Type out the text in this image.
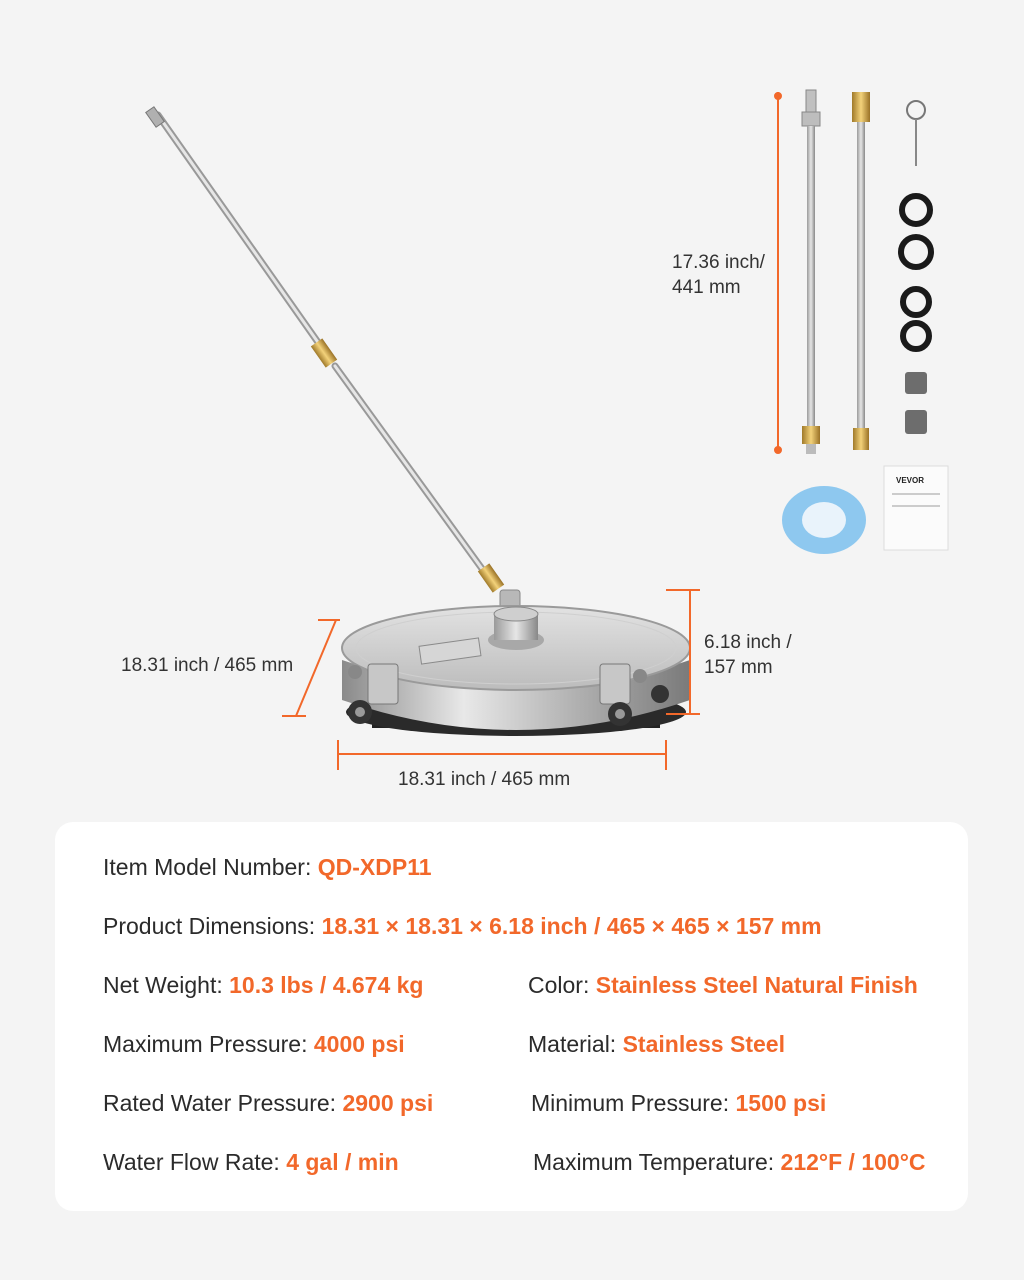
VEVOR
17.36 inch/
441 mm
18.31 inch / 465 mm
18.31 inch / 465 mm
6.18 inch /
157 mm
Item Model Number: QD-XDP11
Product Dimensions: 18.31 × 18.31 × 6.18 inch / 465 × 465 × 157 mm
Net Weight: 10.3 lbs / 4.674 kg	Color: Stainless Steel Natural Finish
Maximum Pressure: 4000 psi	Material: Stainless Steel
Rated Water Pressure: 2900 psi	Minimum Pressure: 1500 psi
Water Flow Rate: 4 gal / min	Maximum Temperature: 212°F / 100°C
